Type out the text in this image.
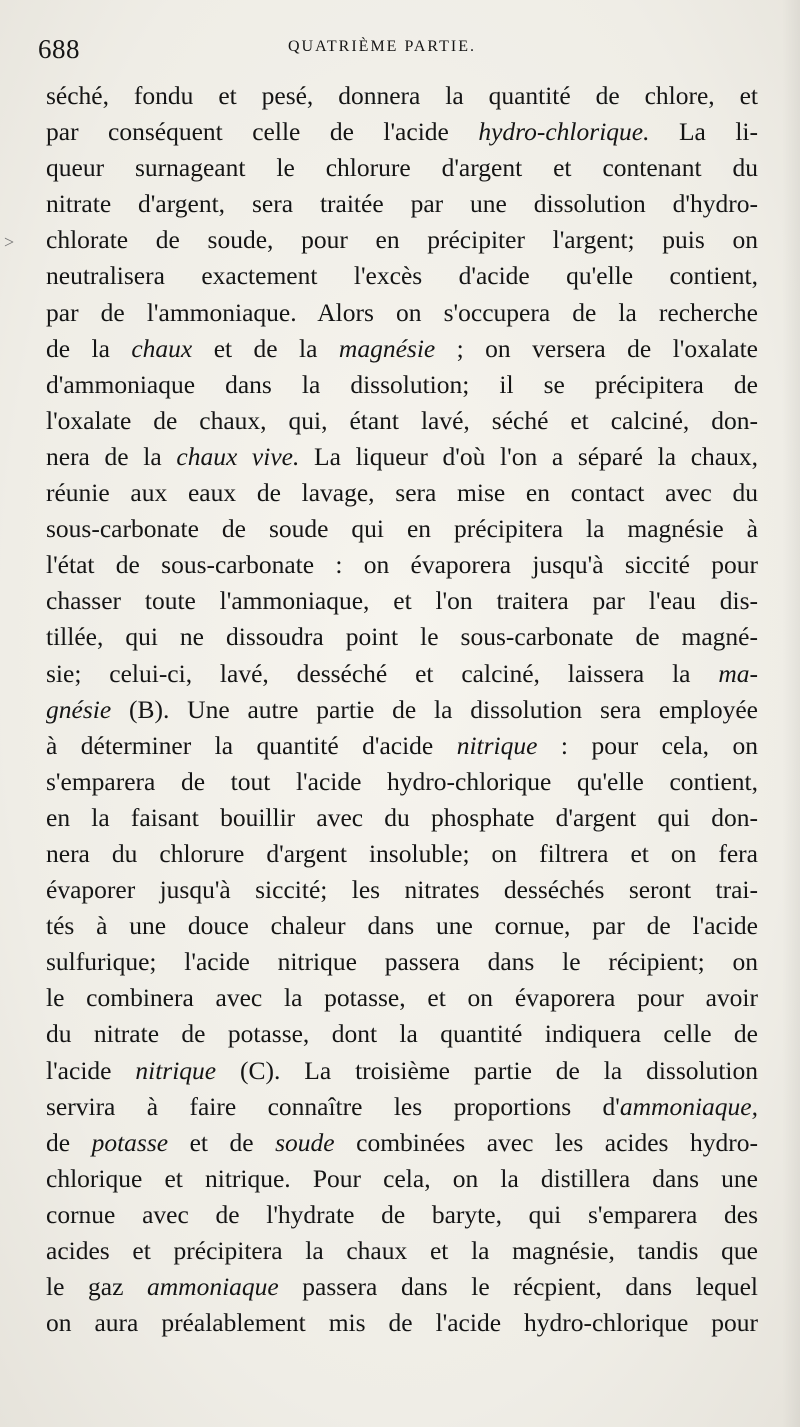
688	QUATRIÈME PARTIE.
>
séché, fondu et pesé, donnera la quantité de chlore, et
par conséquent celle de l'acide hydro-chlorique. La li-
queur surnageant le chlorure d'argent et contenant du
nitrate d'argent, sera traitée par une dissolution d'hydro-
chlorate de soude, pour en précipiter l'argent; puis on
neutralisera exactement l'excès d'acide qu'elle contient,
par de l'ammoniaque. Alors on s'occupera de la recherche
de la chaux et de la magnésie ; on versera de l'oxalate
d'ammoniaque dans la dissolution; il se précipitera de
l'oxalate de chaux, qui, étant lavé, séché et calciné, don-
nera de la chaux vive. La liqueur d'où l'on a séparé la chaux,
réunie aux eaux de lavage, sera mise en contact avec du
sous-carbonate de soude qui en précipitera la magnésie à
l'état de sous-carbonate : on évaporera jusqu'à siccité pour
chasser toute l'ammoniaque, et l'on traitera par l'eau dis-
tillée, qui ne dissoudra point le sous-carbonate de magné-
sie; celui-ci, lavé, desséché et calciné, laissera la ma-
gnésie (B). Une autre partie de la dissolution sera employée
à déterminer la quantité d'acide nitrique : pour cela, on
s'emparera de tout l'acide hydro-chlorique qu'elle contient,
en la faisant bouillir avec du phosphate d'argent qui don-
nera du chlorure d'argent insoluble; on filtrera et on fera
évaporer jusqu'à siccité; les nitrates desséchés seront trai-
tés à une douce chaleur dans une cornue, par de l'acide
sulfurique; l'acide nitrique passera dans le récipient; on
le combinera avec la potasse, et on évaporera pour avoir
du nitrate de potasse, dont la quantité indiquera celle de
l'acide nitrique (C). La troisième partie de la dissolution
servira à faire connaître les proportions d'ammoniaque,
de potasse et de soude combinées avec les acides hydro-
chlorique et nitrique. Pour cela, on la distillera dans une
cornue avec de l'hydrate de baryte, qui s'emparera des
acides et précipitera la chaux et la magnésie, tandis que
le gaz ammoniaque passera dans le récpient, dans lequel
on aura préalablement mis de l'acide hydro-chlorique pour
